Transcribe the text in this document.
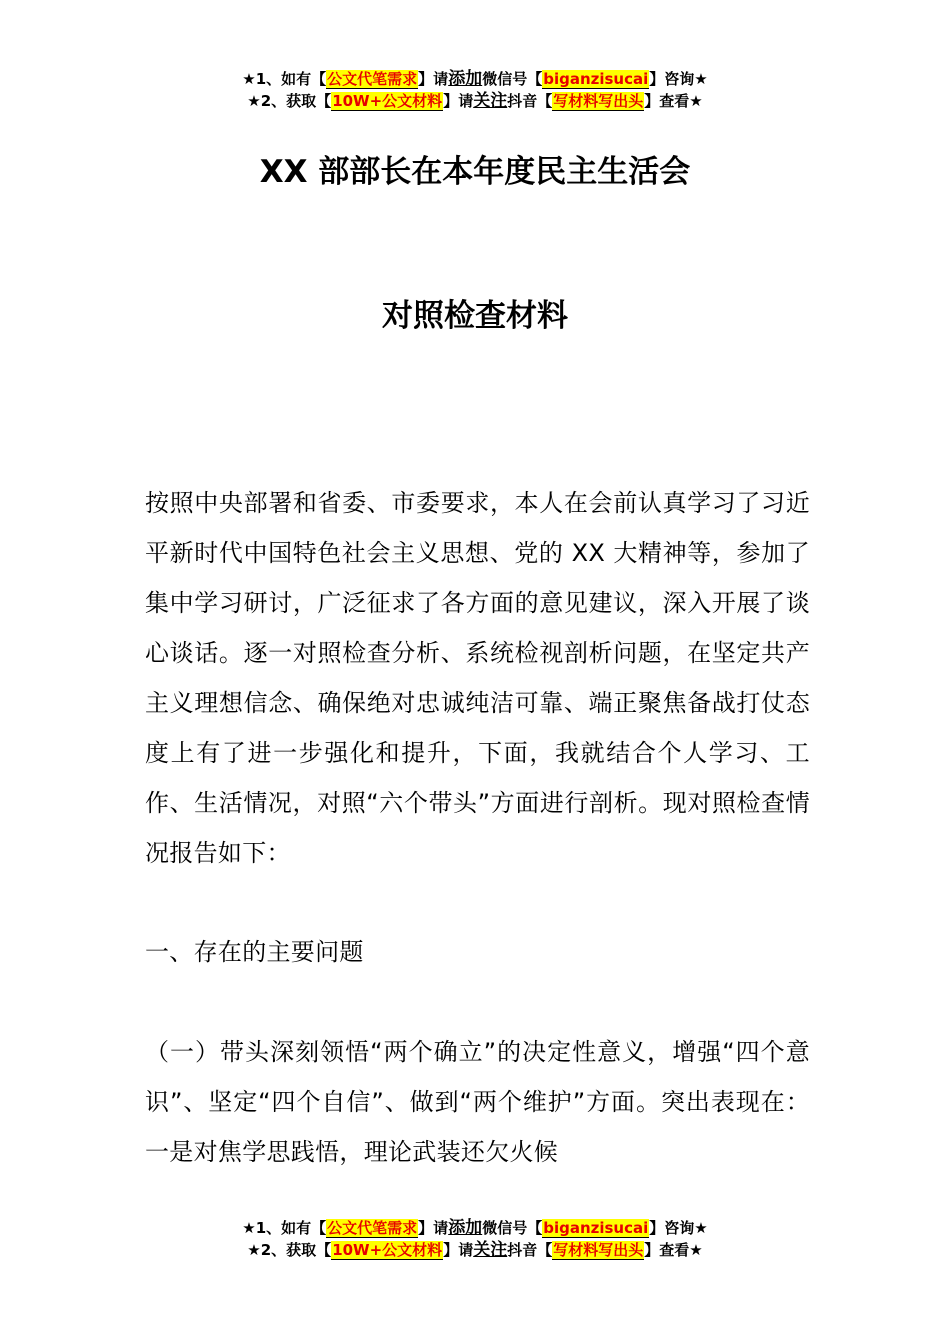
★1、如有【公文代笔需求】请添加微信号【biganzisucai】咨询★
★2、获取【10W+公文材料】请关注抖音【写材料写出头】查看★
XX 部部长在本年度民主生活会
对照检查材料

按照中央部署和省委、市委要求，本人在会前认真学习了习近平新时代中国特色社会主义思想、党的 XX 大精神等，参加了集中学习研讨，广泛征求了各方面的意见建议，深入开展了谈心谈话。逐一对照检查分析、系统检视剖析问题，在坚定共产主义理想信念、确保绝对忠诚纯洁可靠、端正聚焦备战打仗态度上有了进一步强化和提升，下面，我就结合个人学习、工作、生活情况，对照“六个带头”方面进行剖析。现对照检查情况报告如下：

一、存在的主要问题

（一）带头深刻领悟“两个确立”的决定性意义，增强“四个意识”、坚定“四个自信”、做到“两个维护”方面。突出表现在：一是对焦学思践悟，理论武装还欠火候

★1、如有【公文代笔需求】请添加微信号【biganzisucai】咨询★
★2、获取【10W+公文材料】请关注抖音【写材料写出头】查看★
